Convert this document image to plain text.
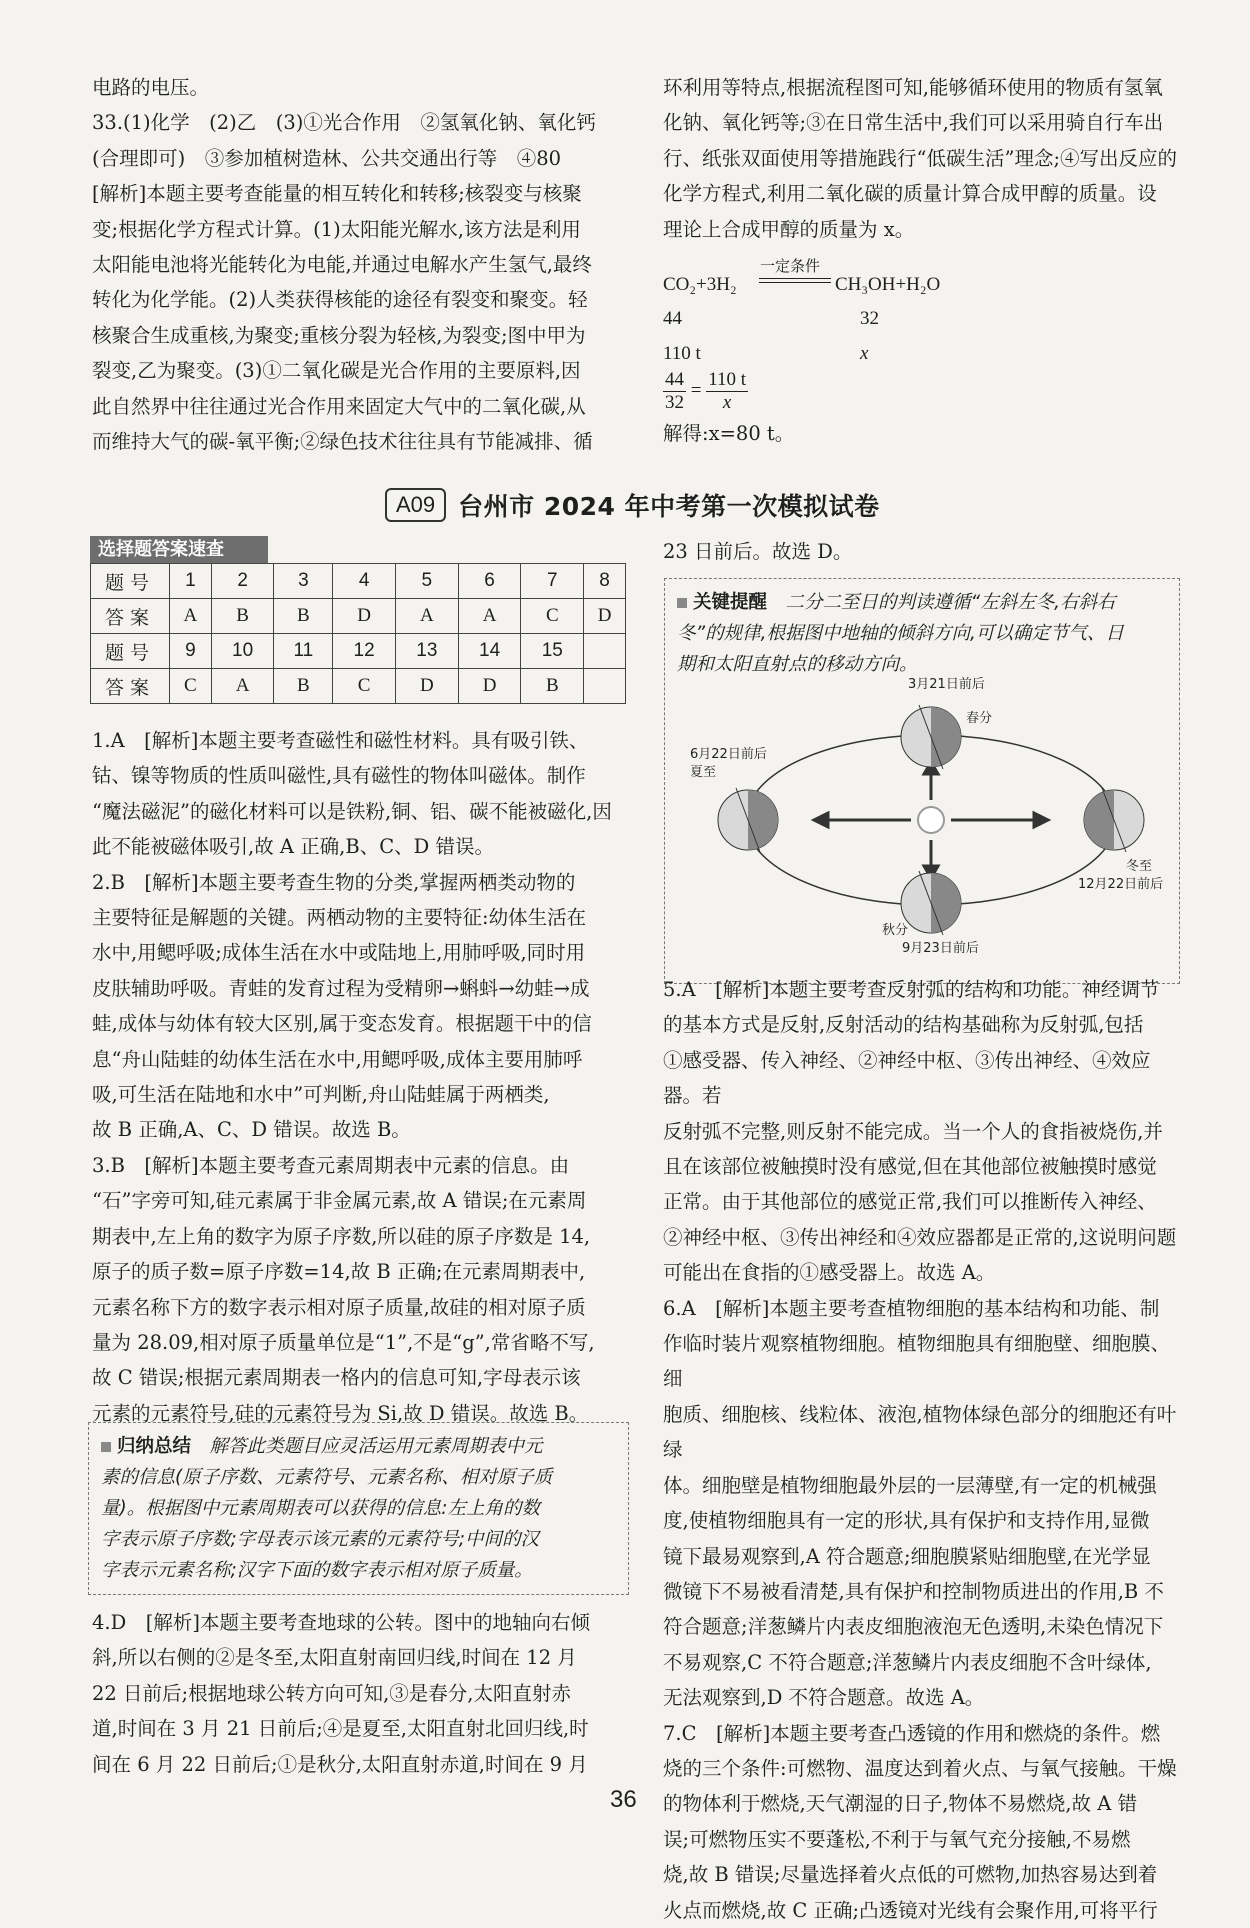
电路的电压。

33.(1)化学　(2)乙　(3)①光合作用　②氢氧化钠、氧化钙

(合理即可)　③参加植树造林、公共交通出行等　④80

[解析]本题主要考查能量的相互转化和转移;核裂变与核聚

变;根据化学方程式计算。(1)太阳能光解水,该方法是利用

太阳能电池将光能转化为电能,并通过电解水产生氢气,最终

转化为化学能。(2)人类获得核能的途径有裂变和聚变。轻

核聚合生成重核,为聚变;重核分裂为轻核,为裂变;图中甲为

裂变,乙为聚变。(3)①二氧化碳是光合作用的主要原料,因

此自然界中往往通过光合作用来固定大气中的二氧化碳,从

而维持大气的碳-氧平衡;②绿色技术往往具有节能减排、循

环利用等特点,根据流程图可知,能够循环使用的物质有氢氧

化钠、氧化钙等;③在日常生活中,我们可以采用骑自行车出

行、纸张双面使用等措施践行“低碳生活”理念;④写出反应的

化学方程式,利用二氧化碳的质量计算合成甲醇的质量。设

理论上合成甲醇的质量为 x。

CO₂+3H₂
一定条件
CH₃OH+H₂O
44	32
110 t	x
$\frac{44}{32} = \frac{110 t}{x}$

解得:x=80 t。

A09 台州市 2024 年中考第一次模拟试卷
选择题答案速查
题号	1	2	3	4	5	6	7	8
答案	A	B	B	D	A	A	C	D
题号	9	10	11	12	13	14	15	
答案	C	A	B	C	D	D	B	

1.A　[解析]本题主要考查磁性和磁性材料。具有吸引铁、

钴、镍等物质的性质叫磁性,具有磁性的物体叫磁体。制作

“魔法磁泥”的磁化材料可以是铁粉,铜、铝、碳不能被磁化,因

此不能被磁体吸引,故 A 正确,B、C、D 错误。

2.B　[解析]本题主要考查生物的分类,掌握两栖类动物的

主要特征是解题的关键。两栖动物的主要特征:幼体生活在

水中,用鳃呼吸;成体生活在水中或陆地上,用肺呼吸,同时用

皮肤辅助呼吸。青蛙的发育过程为受精卵→蝌蚪→幼蛙→成

蛙,成体与幼体有较大区别,属于变态发育。根据题干中的信

息“舟山陆蛙的幼体生活在水中,用鳃呼吸,成体主要用肺呼

吸,可生活在陆地和水中”可判断,舟山陆蛙属于两栖类,

故 B 正确,A、C、D 错误。故选 B。

3.B　[解析]本题主要考查元素周期表中元素的信息。由

“石”字旁可知,硅元素属于非金属元素,故 A 错误;在元素周

期表中,左上角的数字为原子序数,所以硅的原子序数是 14,

原子的质子数=原子序数=14,故 B 正确;在元素周期表中,

元素名称下方的数字表示相对原子质量,故硅的相对原子质

量为 28.09,相对原子质量单位是“1”,不是“g”,常省略不写,

故 C 错误;根据元素周期表一格内的信息可知,字母表示该

元素的元素符号,硅的元素符号为 Si,故 D 错误。故选 B。

归纳总结　 解答此类题目应灵活运用元素周期表中元
素的信息(原子序数、元素符号、元素名称、相对原子质
量)。根据图中元素周期表可以获得的信息:左上角的数
字表示原子序数;字母表示该元素的元素符号;中间的汉
字表示元素名称;汉字下面的数字表示相对原子质量。

4.D　[解析]本题主要考查地球的公转。图中的地轴向右倾

斜,所以右侧的②是冬至,太阳直射南回归线,时间在 12 月

22 日前后;根据地球公转方向可知,③是春分,太阳直射赤

道,时间在 3 月 21 日前后;④是夏至,太阳直射北回归线,时

间在 6 月 22 日前后;①是秋分,太阳直射赤道,时间在 9 月

23 日前后。故选 D。

关键提醒　 二分二至日的判读遵循“左斜左冬,右斜右
冬”的规律,根据图中地轴的倾斜方向,可以确定节气、日
期和太阳直射点的移动方向。
3月21日前后
春分
6月22日前后
夏至
冬至
12月22日前后
秋分
9月23日前后

5.A　[解析]本题主要考查反射弧的结构和功能。神经调节

的基本方式是反射,反射活动的结构基础称为反射弧,包括

①感受器、传入神经、②神经中枢、③传出神经、④效应器。若

反射弧不完整,则反射不能完成。当一个人的食指被烧伤,并

且在该部位被触摸时没有感觉,但在其他部位被触摸时感觉

正常。由于其他部位的感觉正常,我们可以推断传入神经、

②神经中枢、③传出神经和④效应器都是正常的,这说明问题

可能出在食指的①感受器上。故选 A。

6.A　[解析]本题主要考查植物细胞的基本结构和功能、制

作临时装片观察植物细胞。植物细胞具有细胞壁、细胞膜、细

胞质、细胞核、线粒体、液泡,植物体绿色部分的细胞还有叶绿

体。细胞壁是植物细胞最外层的一层薄壁,有一定的机械强

度,使植物细胞具有一定的形状,具有保护和支持作用,显微

镜下最易观察到,A 符合题意;细胞膜紧贴细胞壁,在光学显

微镜下不易被看清楚,具有保护和控制物质进出的作用,B 不

符合题意;洋葱鳞片内表皮细胞液泡无色透明,未染色情况下

不易观察,C 不符合题意;洋葱鳞片内表皮细胞不含叶绿体,

无法观察到,D 不符合题意。故选 A。

7.C　[解析]本题主要考查凸透镜的作用和燃烧的条件。燃

烧的三个条件:可燃物、温度达到着火点、与氧气接触。干燥

的物体利于燃烧,天气潮湿的日子,物体不易燃烧,故 A 错

误;可燃物压实不要蓬松,不利于与氧气充分接触,不易燃

烧,故 B 错误;尽量选择着火点低的可燃物,加热容易达到着

火点而燃烧,故 C 正确;凸透镜对光线有会聚作用,可将平行

36
